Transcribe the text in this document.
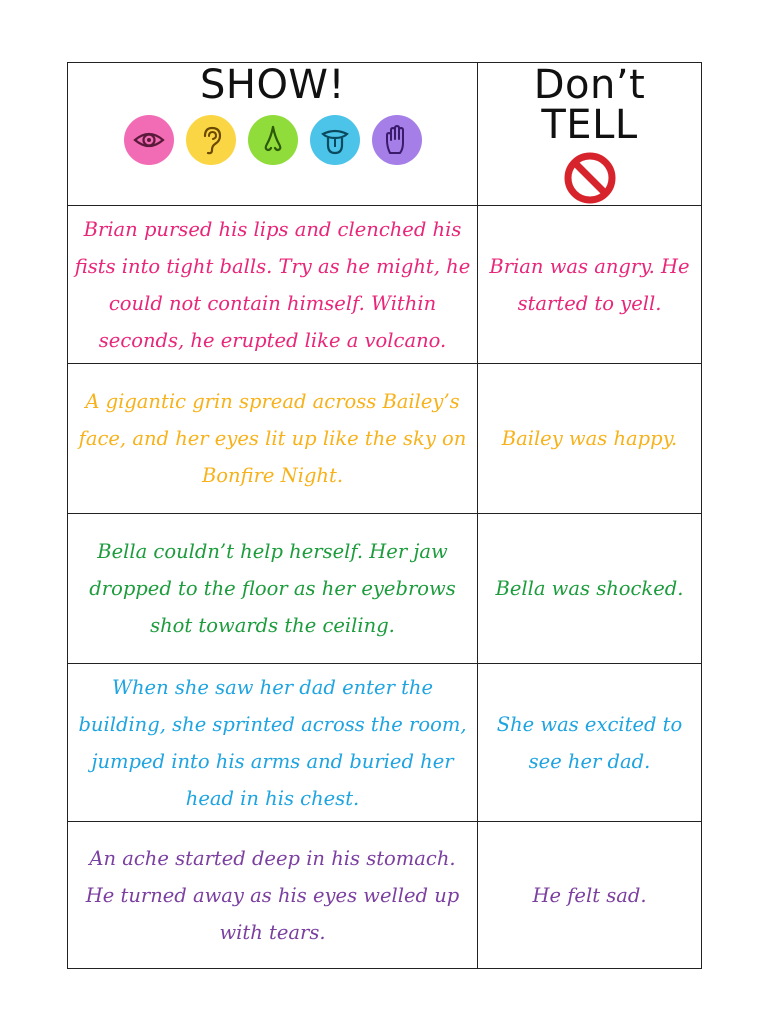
SHOW!	Don’t TELL

Brian pursed his lips and clenched his fists into tight balls. Try as he might, he could not contain himself. Within seconds, he erupted like a volcano.	Brian was angry. He started to yell.
A gigantic grin spread across Bailey’s face, and her eyes lit up like the sky on Bonfire Night.	Bailey was happy.
Bella couldn’t help herself. Her jaw dropped to the floor as her eyebrows shot towards the ceiling.	Bella was shocked.
When she saw her dad enter the building, she sprinted across the room, jumped into his arms and buried her head in his chest.	She was excited to see her dad.
An ache started deep in his stomach. He turned away as his eyes welled up with tears.	He felt sad.
